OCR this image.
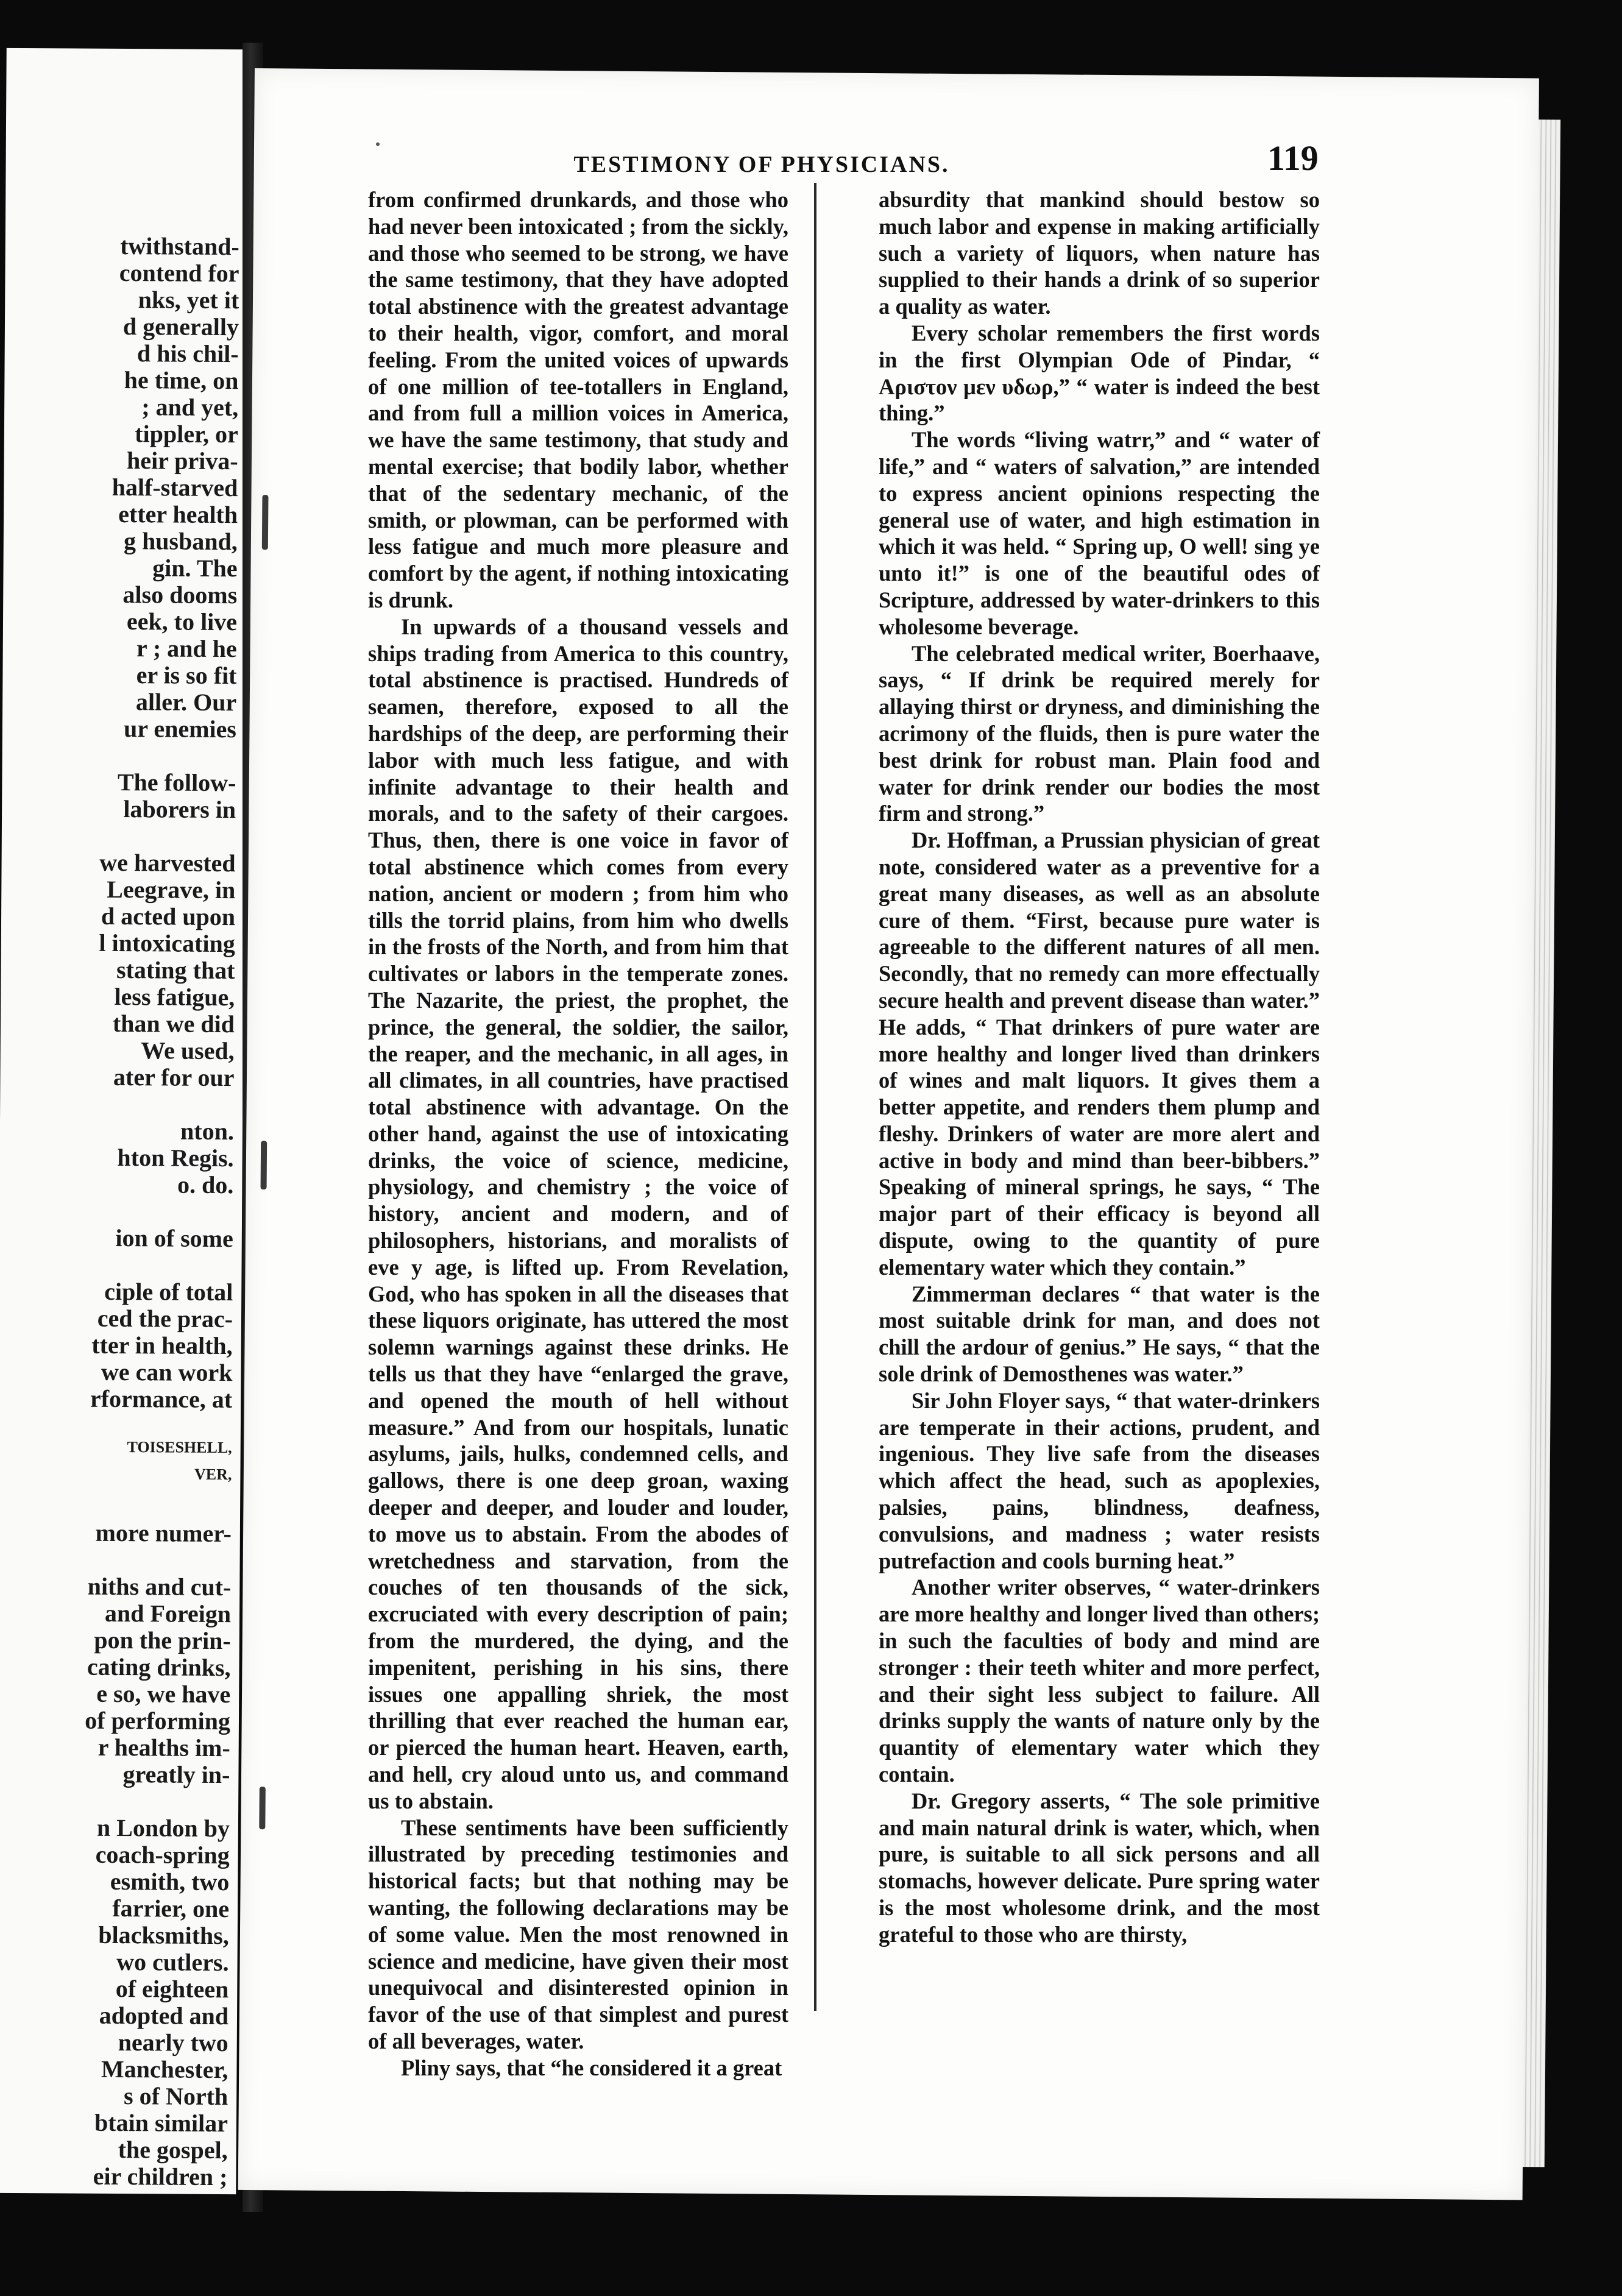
twithstand-
contend for
nks, yet it
d generally
d his chil-
he time, on
; and yet,
tippler, or
heir priva-
half-starved
etter health
g husband,
gin. The
also dooms
eek, to live
r ; and he
er is so fit
aller. Our
ur enemies
The follow-
laborers in
we harvested
Leegrave, in
d acted upon
l intoxicating
stating that
less fatigue,
than we did
We used,
ater for our
nton.
hton Regis.
o. do.
ion of some
ciple of total
ced the prac-
tter in health,
we can work
rformance, at
TOISESHELL,
VER,
more numer-
niths and cut-
and Foreign
pon the prin-
cating drinks,
e so, we have
of performing
r healths im-
greatly in-
n London by
coach-spring
esmith, two
farrier, one
blacksmiths,
wo cutlers.
of eighteen
adopted and
nearly two
Manchester,
s of North
btain similar
the gospel,
eir children ;
TESTIMONY OF PHYSICIANS.	119

from confirmed drunkards, and those who had never been intoxicated ; from the sickly, and those who seemed to be strong, we have the same testimony, that they have adopted total abstinence with the greatest advantage to their health, vigor, comfort, and moral feeling. From the united voices of upwards of one million of tee-totallers in England, and from full a million voices in America, we have the same testimony, that study and mental exercise; that bodily labor, whether that of the sedentary mechanic, of the smith, or plowman, can be performed with less fatigue and much more pleasure and comfort by the agent, if nothing intoxicating is drunk.

In upwards of a thousand vessels and ships trading from America to this country, total abstinence is practised. Hundreds of seamen, therefore, exposed to all the hardships of the deep, are performing their labor with much less fatigue, and with infinite advantage to their health and morals, and to the safety of their cargoes. Thus, then, there is one voice in favor of total abstinence which comes from every nation, ancient or modern ; from him who tills the torrid plains, from him who dwells in the frosts of the North, and from him that cultivates or labors in the temperate zones. The Nazarite, the priest, the prophet, the prince, the general, the soldier, the sailor, the reaper, and the mechanic, in all ages, in all climates, in all countries, have practised total abstinence with advantage. On the other hand, against the use of intoxicating drinks, the voice of science, medicine, physiology, and chemistry ; the voice of history, ancient and modern, and of philosophers, historians, and moralists of eve y age, is lifted up. From Revelation, God, who has spoken in all the diseases that these liquors originate, has uttered the most solemn warnings against these drinks. He tells us that they have “enlarged the grave, and opened the mouth of hell without measure.” And from our hospitals, lunatic asylums, jails, hulks, condemned cells, and gallows, there is one deep groan, waxing deeper and deeper, and louder and louder, to move us to abstain. From the abodes of wretchedness and starvation, from the couches of ten thousands of the sick, excruciated with every description of pain; from the murdered, the dying, and the impenitent, perishing in his sins, there issues one appalling shriek, the most thrilling that ever reached the human ear, or pierced the human heart. Heaven, earth, and hell, cry aloud unto us, and command us to abstain.

These sentiments have been sufficiently illustrated by preceding testimonies and historical facts; but that nothing may be wanting, the following declarations may be of some value. Men the most renowned in science and medicine, have given their most unequivocal and disinterested opinion in favor of the use of that simplest and purest of all beverages, water.

Pliny says, that “he considered it a great

absurdity that mankind should bestow so much labor and expense in making artificially such a variety of liquors, when nature has supplied to their hands a drink of so superior a quality as water.

Every scholar remembers the first words in the first Olympian Ode of Pindar, “ Αριστον μεν υδωρ,” “ water is indeed the best thing.”

The words “living watrr,” and “ water of life,” and “ waters of salvation,” are intended to express ancient opinions respecting the general use of water, and high estimation in which it was held. “ Spring up, O well! sing ye unto it!” is one of the beautiful odes of Scripture, addressed by water-drinkers to this wholesome beverage.

The celebrated medical writer, Boerhaave, says, “ If drink be required merely for allaying thirst or dryness, and diminishing the acrimony of the fluids, then is pure water the best drink for robust man. Plain food and water for drink render our bodies the most firm and strong.”

Dr. Hoffman, a Prussian physician of great note, considered water as a preventive for a great many diseases, as well as an absolute cure of them. “First, because pure water is agreeable to the different natures of all men. Secondly, that no remedy can more effectually secure health and prevent disease than water.” He adds, “ That drinkers of pure water are more healthy and longer lived than drinkers of wines and malt liquors. It gives them a better appetite, and renders them plump and fleshy. Drinkers of water are more alert and active in body and mind than beer-bibbers.” Speaking of mineral springs, he says, “ The major part of their efficacy is beyond all dispute, owing to the quantity of pure elementary water which they contain.”

Zimmerman declares “ that water is the most suitable drink for man, and does not chill the ardour of genius.” He says, “ that the sole drink of Demosthenes was water.”

Sir John Floyer says, “ that water-drinkers are temperate in their actions, prudent, and ingenious. They live safe from the diseases which affect the head, such as apoplexies, palsies, pains, blindness, deafness, convulsions, and madness ; water resists putrefaction and cools burning heat.”

Another writer observes, “ water-drinkers are more healthy and longer lived than others; in such the faculties of body and mind are stronger : their teeth whiter and more perfect, and their sight less subject to failure. All drinks supply the wants of nature only by the quantity of elementary water which they contain.

Dr. Gregory asserts, “ The sole primitive and main natural drink is water, which, when pure, is suitable to all sick persons and all stomachs, however delicate. Pure spring water is the most wholesome drink, and the most grateful to those who are thirsty,
